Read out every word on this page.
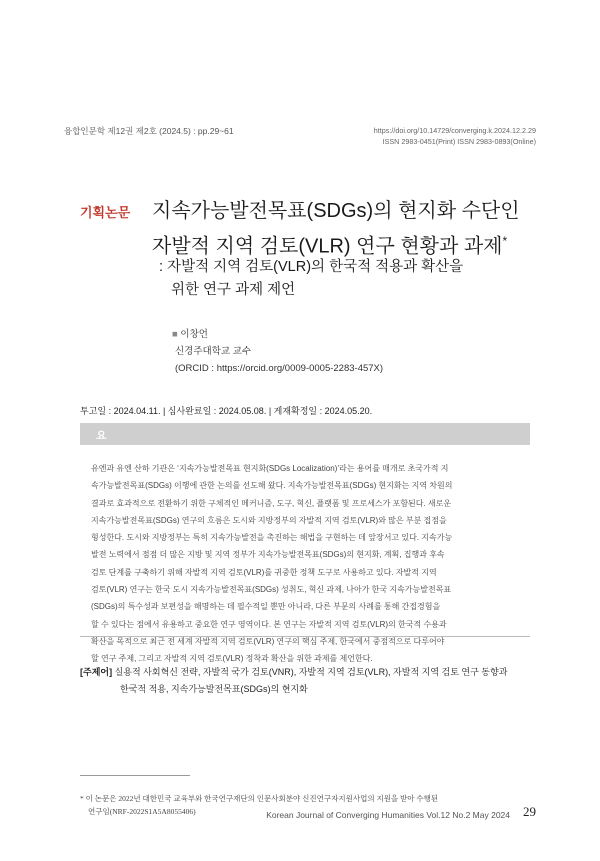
융합인문학 제12권 제2호 (2024.5) : pp.29~61	https://doi.org/10.14729/converging.k.2024.12.2.29
ISSN 2983-0451(Print) ISSN 2983-0893(Online)
기획논문 지속가능발전목표(SDGs)의 현지화 수단인
자발적 지역 검토(VLR) 연구 현황과 과제*
: 자발적 지역 검토(VLR)의 한국적 적용과 확산을
위한 연구 과제 제언
■ 이창언
신경주대학교 교수
(ORCID : https://orcid.org/0009-0005-2283-457X)
투고일 : 2024.04.11. | 심사완료일 : 2024.05.08. | 게재확정일 : 2024.05.20.
요 약
유엔과 유엔 산하 기관은 ‘지속가능발전목표 현지화(SDGs Localization)’라는 용어를 매개로 초국가적 지
속가능발전목표(SDGs) 이행에 관한 논의를 선도해 왔다. 지속가능발전목표(SDGs) 현지화는 지역 차원의
결과로 효과적으로 전환하기 위한 구체적인 메커니즘, 도구, 혁신, 플랫폼 및 프로세스가 포함된다. 새로운
지속가능발전목표(SDGs) 연구의 흐름은 도시와 지방정부의 자발적 지역 검토(VLR)와 많은 부분 접점을
형성한다. 도시와 지방정부는 특히 지속가능발전을 촉진하는 해법을 구현하는 데 앞장서고 있다. 지속가능
발전 노력에서 점점 더 많은 지방 및 지역 정부가 지속가능발전목표(SDGs)의 현지화, 계획, 집행과 후속
검토 단계를 구축하기 위해 자발적 지역 검토(VLR)를 귀중한 정책 도구로 사용하고 있다. 자발적 지역
검토(VLR) 연구는 한국 도시 지속가능발전목표(SDGs) 성취도, 혁신 과제, 나아가 한국 지속가능발전목표
(SDGs)의 특수성과 보편성을 해명하는 데 필수적일 뿐만 아니라, 다른 부문의 사례를 통해 간접경험을
할 수 있다는 점에서 유용하고 중요한 연구 영역이다. 본 연구는 자발적 지역 검토(VLR)의 한국적 수용과
확산을 목적으로 최근 전 세계 자발적 지역 검토(VLR) 연구의 핵심 주제, 한국에서 중점적으로 다루어야
할 연구 주제, 그리고 자발적 지역 검토(VLR) 정착과 확산을 위한 과제를 제언한다.
[주제어] 실용적 사회혁신 전략, 자발적 국가 검토(VNR), 자발적 지역 검토(VLR), 자발적 지역 검토 연구 동향과
한국적 적용, 지속가능발전목표(SDGs)의 현지화
* 이 논문은 2022년 대한민국 교육부와 한국연구재단의 인문사회분야 신진연구자지원사업의 지원을 받아 수행된
연구임(NRF-2022S1A5A8055406)	Korean Journal of Converging Humanities Vol.12 No.2 May 2024 29
